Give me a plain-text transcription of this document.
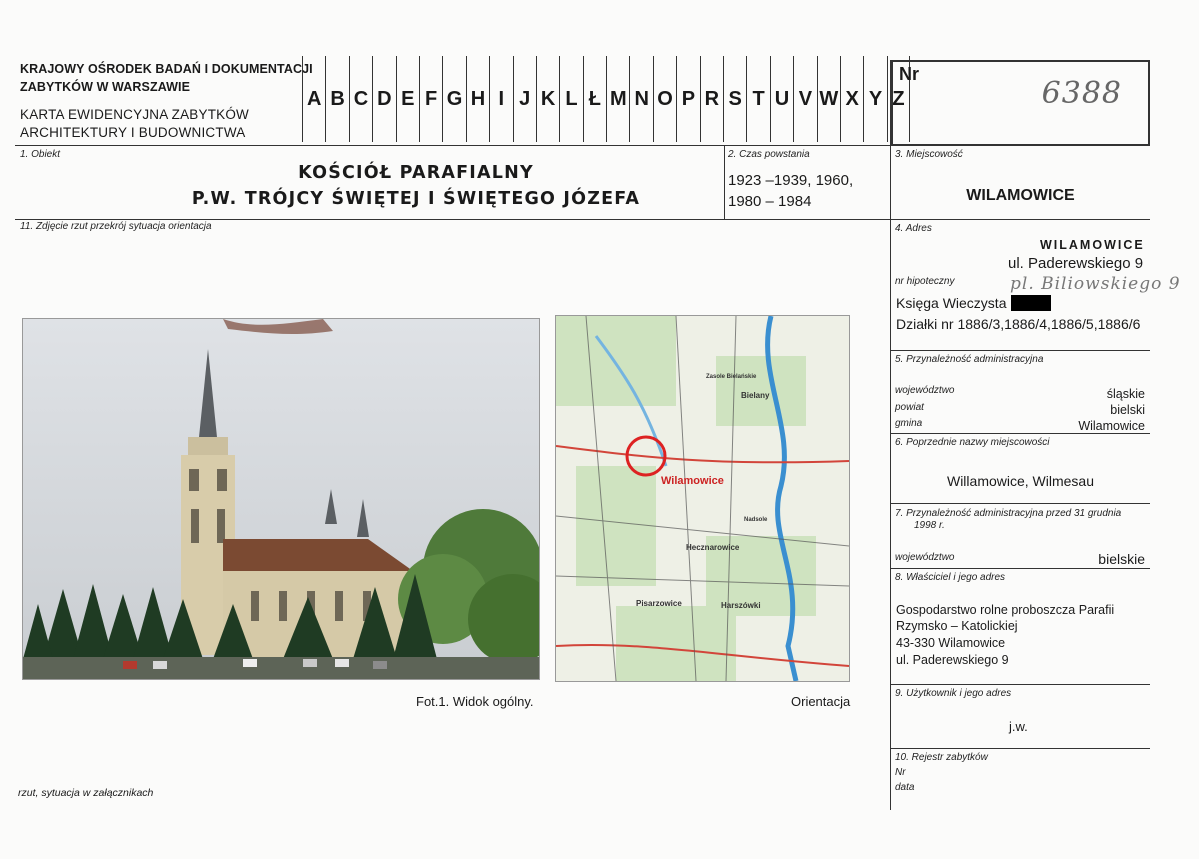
KRAJOWY OŚRODEK BADAŃ I DOKUMENTACJI
ZABYTKÓW W WARSZAWIE
KARTA EWIDENCYJNA ZABYTKÓW
ARCHITEKTURY I BUDOWNICTWA
A B C D E F G H I J K L Ł M N O P R S T U V W X Y Z
Nr
6388
1. Obiekt
KOŚCIÓŁ PARAFIALNY
P.W. TRÓJCY ŚWIĘTEJ I ŚWIĘTEGO JÓZEFA
2. Czas powstania
1923 –1939, 1960,
1980 – 1984
3. Miejscowość
WILAMOWICE
11. Zdjęcie rzut przekrój sytuacja orientacja
Bielany
Hecznarowice
Pisarzowice	Harszówki
Zasole Bielańskie
Nadsole
Wilamowice
Fot.1. Widok ogólny.	Orientacja
rzut, sytuacja w załącznikach
4. Adres
WILAMOWICE
ul. Paderewskiego 9
nr hipoteczny	pl. Biliowskiego 9
Księga Wieczysta
Działki nr 1886/3,1886/4,1886/5,1886/6
5. Przynależność administracyjna
województwo	śląskie
powiat	bielski
gmina	Wilamowice
6. Poprzednie nazwy miejscowości
Willamowice, Wilmesau
7. Przynależność administracyjna przed 31 grudnia
1998 r.
województwo	bielskie
8. Właściciel i jego adres
Gospodarstwo rolne proboszcza Parafii
Rzymsko – Katolickiej
43-330 Wilamowice
ul. Paderewskiego 9
9. Użytkownik i jego adres
j.w.
10. Rejestr zabytków
Nr
data
